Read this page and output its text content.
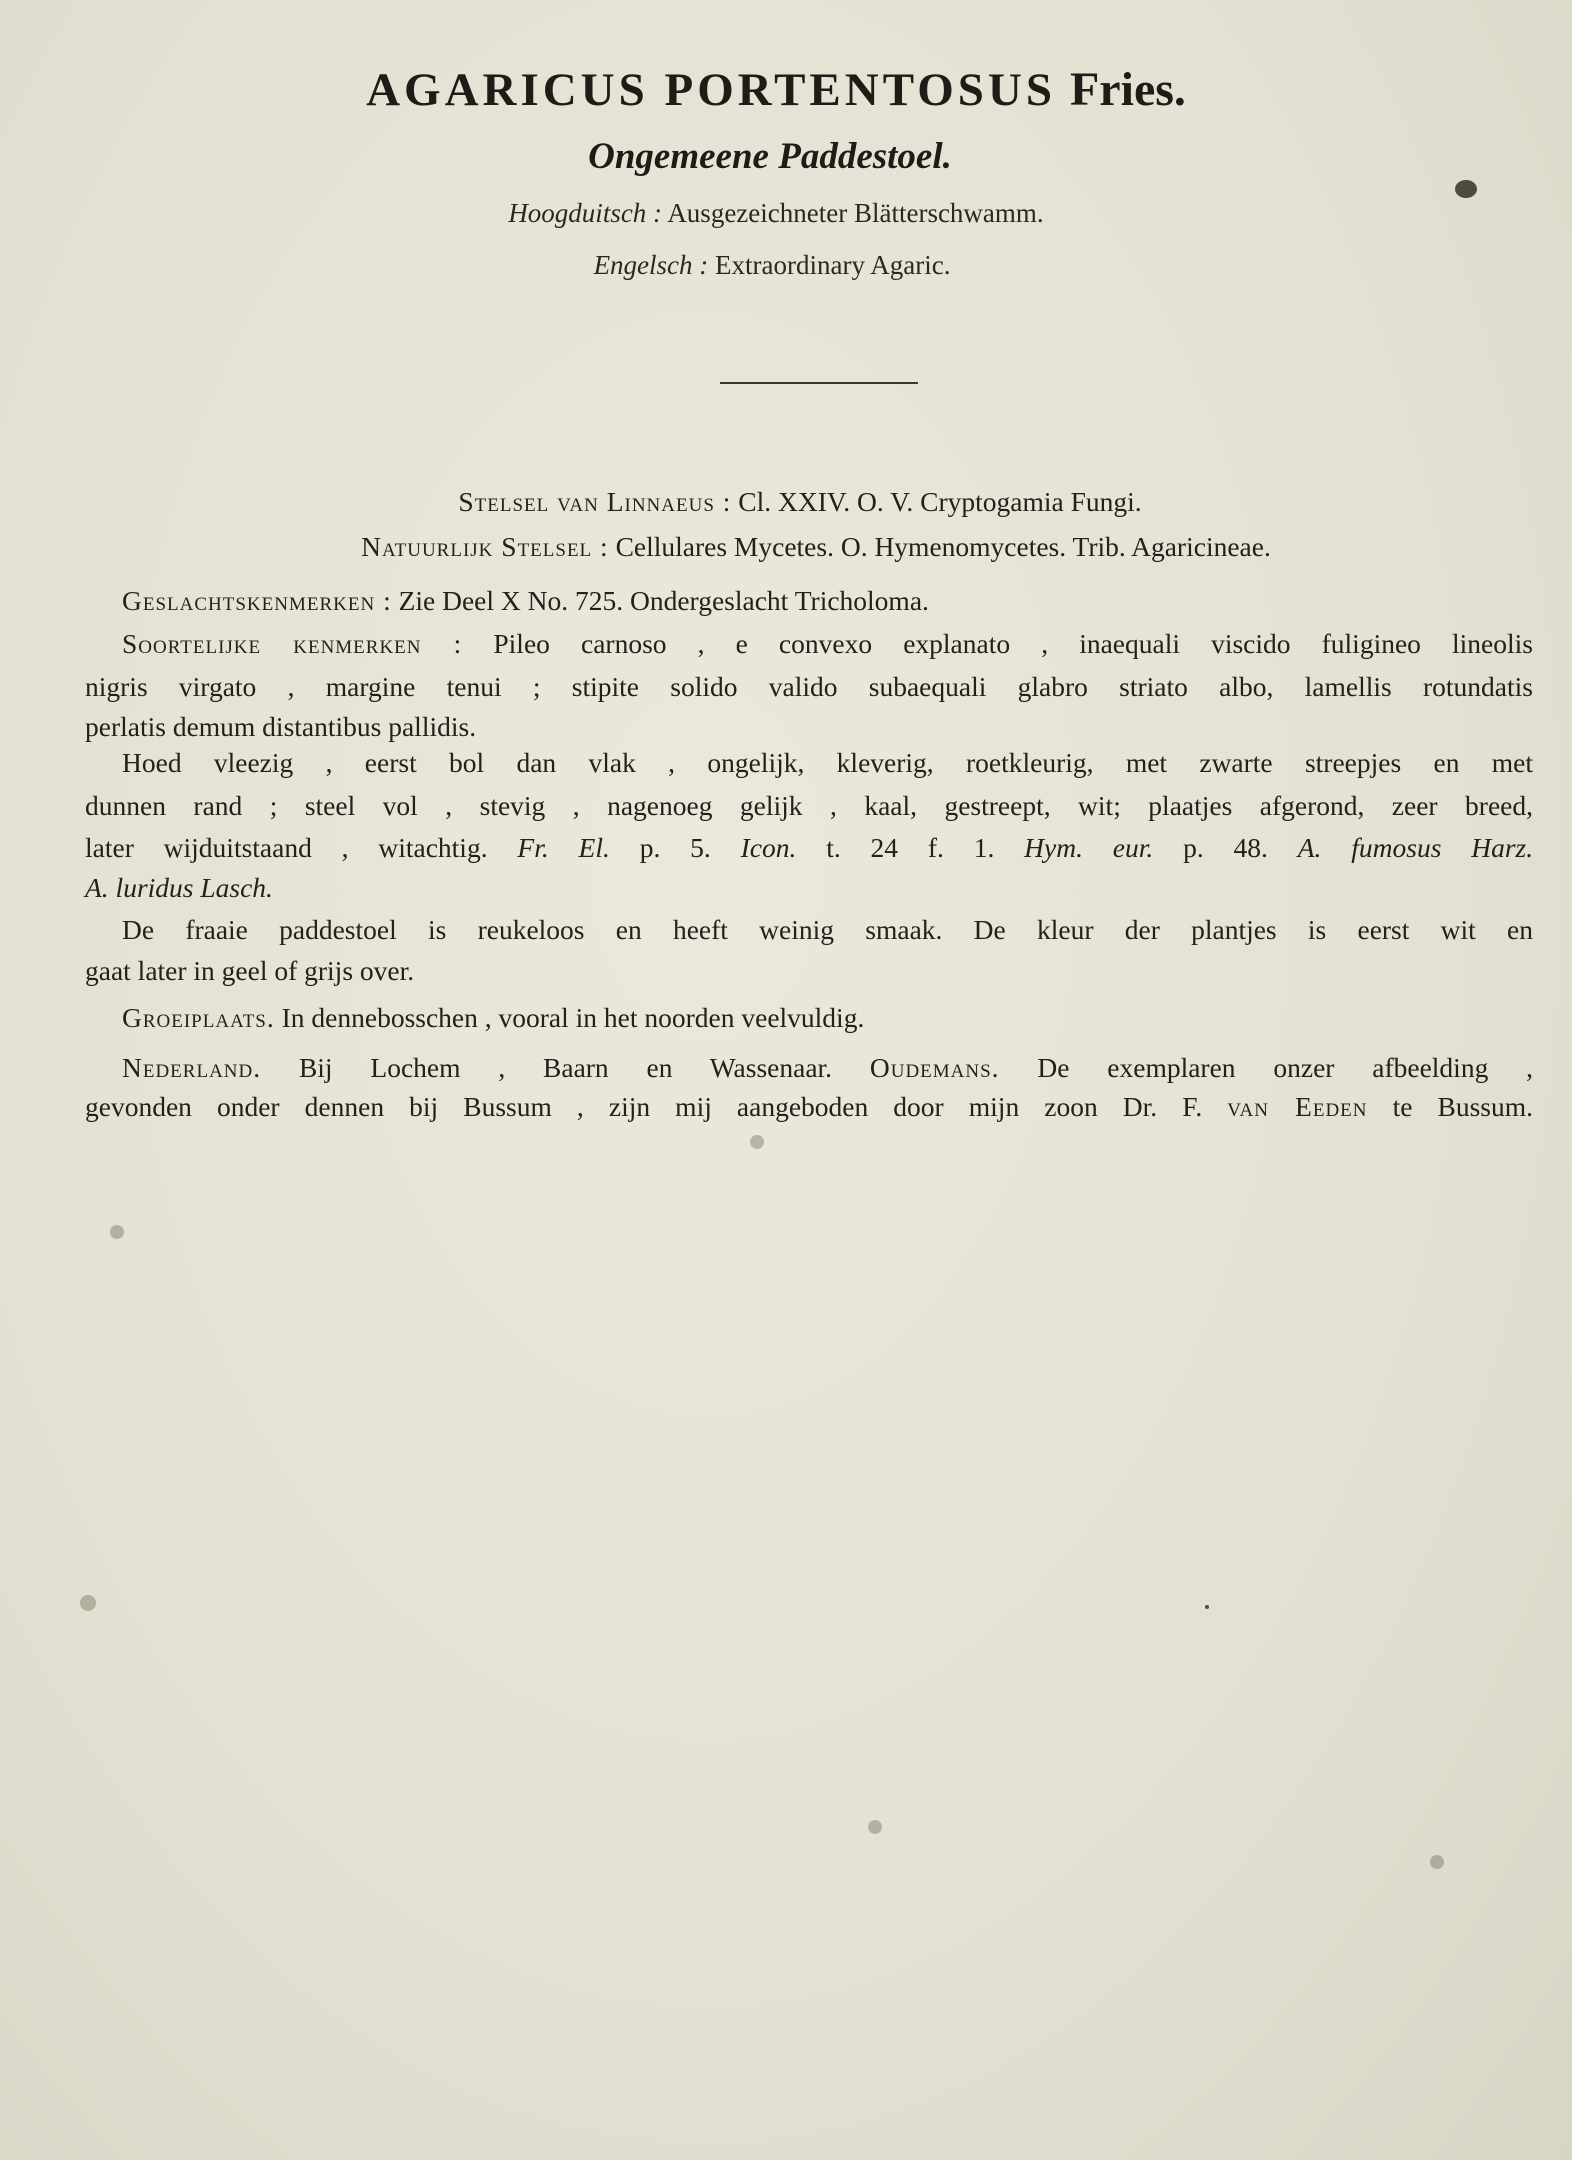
AGARICUS PORTENTOSUS Fries.
Ongemeene Paddestoel.
Hoogduitsch : Ausgezeichneter Blätterschwamm.
Engelsch : Extraordinary Agaric.
Stelsel van Linnaeus : Cl. XXIV. O. V. Cryptogamia Fungi.
Natuurlijk Stelsel : Cellulares Mycetes. O. Hymenomycetes. Trib. Agaricineae.
Geslachtskenmerken : Zie Deel X No. 725. Ondergeslacht Tricholoma.
Soortelijke kenmerken : Pileo carnoso , e convexo explanato , inaequali viscido fuligineo lineolis
nigris virgato , margine tenui ; stipite solido valido subaequali glabro striato albo, lamellis rotundatis
perlatis demum distantibus pallidis.
Hoed vleezig , eerst bol dan vlak , ongelijk, kleverig, roetkleurig, met zwarte streepjes en met
dunnen rand ; steel vol , stevig , nagenoeg gelijk , kaal, gestreept, wit; plaatjes afgerond, zeer breed,
later wijduitstaand , witachtig. Fr. El. p. 5. Icon. t. 24 f. 1. Hym. eur. p. 48. A. fumosus Harz.
A. luridus Lasch.
De fraaie paddestoel is reukeloos en heeft weinig smaak. De kleur der plantjes is eerst wit en
gaat later in geel of grijs over.
Groeiplaats. In dennebosschen , vooral in het noorden veelvuldig.
Nederland. Bij Lochem , Baarn en Wassenaar. Oudemans. De exemplaren onzer afbeelding ,
gevonden onder dennen bij Bussum , zijn mij aangeboden door mijn zoon Dr. F. van Eeden te Bussum.
